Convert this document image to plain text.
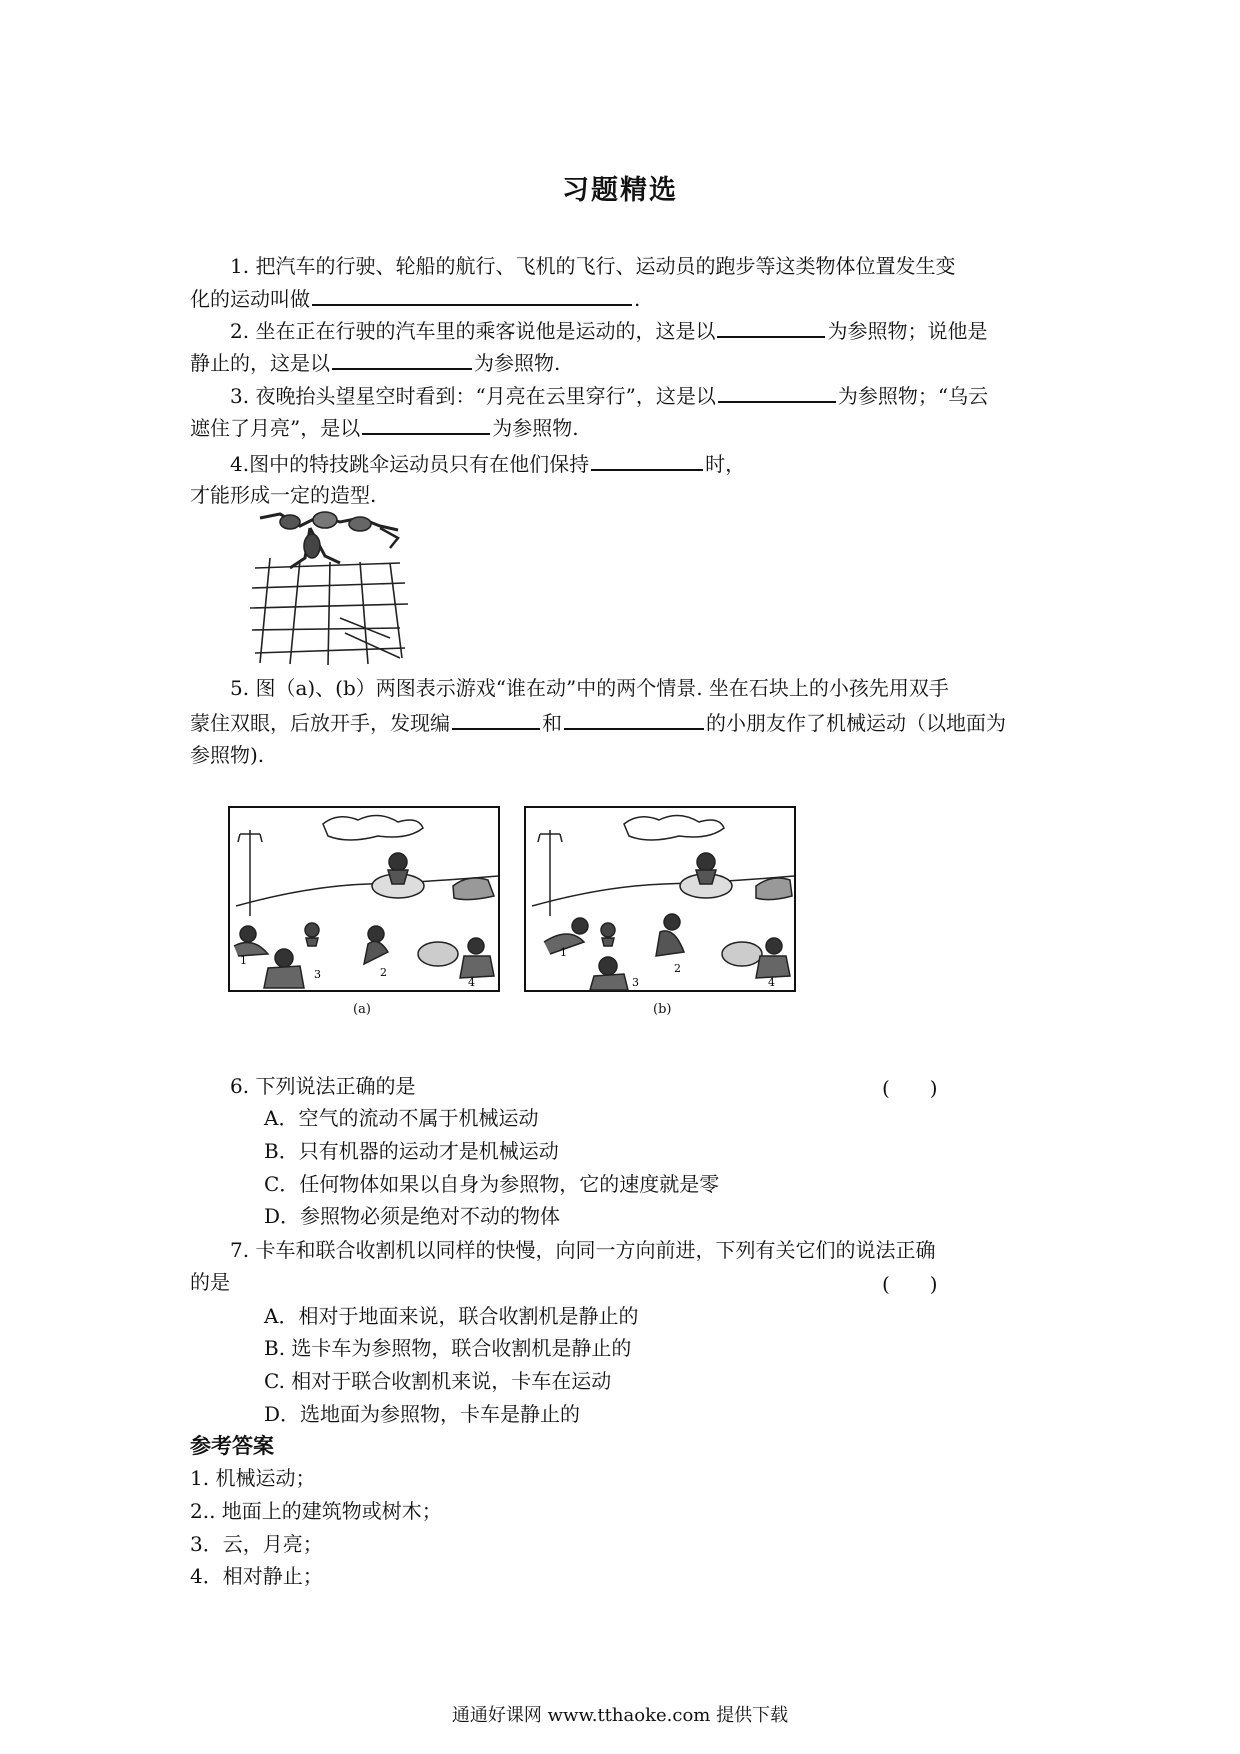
习题精选
1. 把汽车的行驶、轮船的航行、飞机的飞行、运动员的跑步等这类物体位置发生变
化的运动叫做	.
2. 坐在正在行驶的汽车里的乘客说他是运动的，这是以	为参照物；说他是
静止的，这是以	为参照物.
3. 夜晚抬头望星空时看到：“月亮在云里穿行”，这是以	为参照物；“乌云
遮住了月亮”，是以	为参照物.
4.图中的特技跳伞运动员只有在他们保持	时，
才能形成一定的造型.
5. 图（a)、(b）两图表示游戏“谁在动”中的两个情景. 坐在石块上的小孩先用双手
蒙住双眼，后放开手，发现编	和	的小朋友作了机械运动（以地面为
参照物).
1
2
3
4
(a)
1
2
3	4
(b)
6. 下列说法正确的是	(　　)
A．空气的流动不属于机械运动
B．只有机器的运动才是机械运动
C．任何物体如果以自身为参照物，它的速度就是零
D．参照物必须是绝对不动的物体
7. 卡车和联合收割机以同样的快慢，向同一方向前进，下列有关它们的说法正确
的是	(　　)
A．相对于地面来说，联合收割机是静止的
B. 选卡车为参照物，联合收割机是静止的
C. 相对于联合收割机来说，卡车在运动
D．选地面为参照物，卡车是静止的
参考答案
1. 机械运动；
2.. 地面上的建筑物或树木；
3．云，月亮；
4．相对静止；
通通好课网 www.tthaoke.com 提供下载
